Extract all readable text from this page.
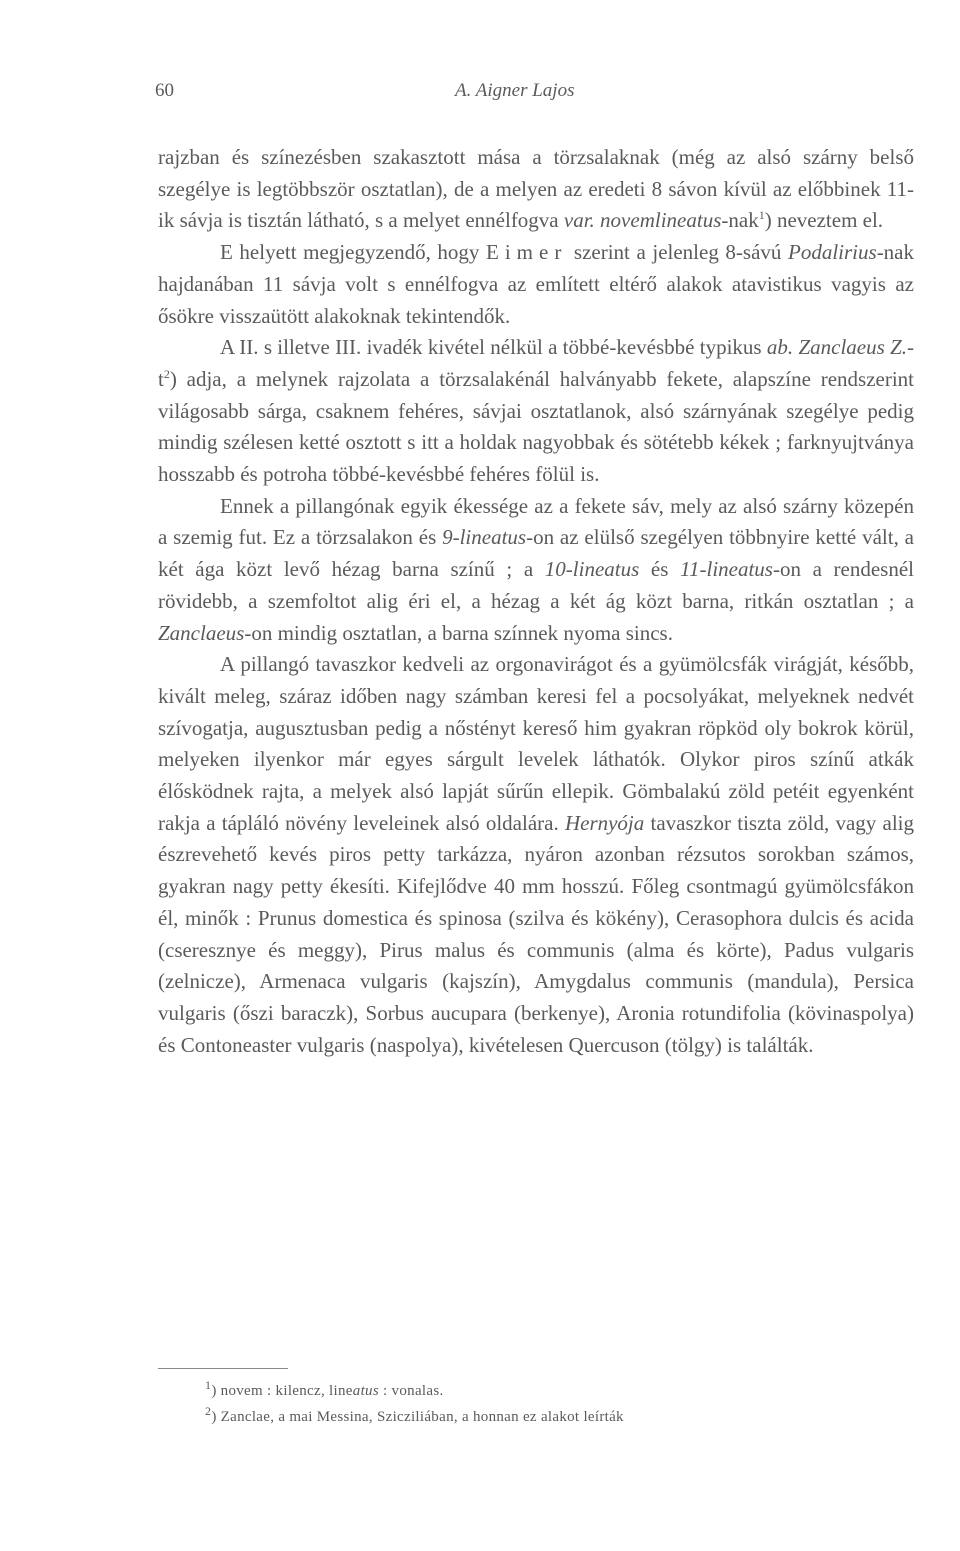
60	A. Aigner Lajos

rajzban és színezésben szakasztott mása a törzsalaknak (még az alsó szárny belső szegélye is legtöbbször osztatlan), de a melyen az eredeti 8 sávon kívül az előbbinek 11-ik sávja is tisztán látható, s a melyet ennélfogva var. novemlineatus-nak$^1$) neveztem el.

E helyett megjegyzendő, hogy Eimer szerint a jelenleg 8-sávú Podalirius-nak hajdanában 11 sávja volt s ennélfogva az említett eltérő alakok atavistikus vagyis az ősökre visszaütött alakoknak tekintendők.

A II. s illetve III. ivadék kivétel nélkül a többé-kevésbbé typikus ab. Zanclaeus $Z.-t^2$) adja, a melynek rajzolata a törzsalakénál halványabb fekete, alapszíne rendszerint világosabb sárga, csaknem fehéres, sávjai osztatlanok, alsó szárnyának szegélye pedig mindig szélesen ketté osztott s itt a holdak nagyobbak és sötétebb kékek ; farknyujtványa hosszabb és potroha többé-kevésbbé fehéres fölül is.

Ennek a pillangónak egyik ékessége az a fekete sáv, mely az alsó szárny közepén a szemig fut. Ez a törzsalakon és 9-lineatus-on az elülső szegélyen többnyire ketté vált, a két ága közt levő hézag barna színű ; a 10-lineatus és 11-lineatus-on a rendesnél rövidebb, a szemfoltot alig éri el, a hézag a két ág közt barna, ritkán osztatlan ; a Zanclaeus-on mindig osztatlan, a barna színnek nyoma sincs.

A pillangó tavaszkor kedveli az orgonavirágot és a gyümölcsfák virágját, később, kivált meleg, száraz időben nagy számban keresi fel a pocsolyákat, melyeknek nedvét szívogatja, augusztusban pedig a nőstényt kereső him gyakran röpköd oly bokrok körül, melyeken ilyenkor már egyes sárgult levelek láthatók. Olykor piros színű atkák élősködnek rajta, a melyek alsó lapját sűrűn ellepik. Gömbalakú zöld petéit egyenként rakja a tápláló növény leveleinek alsó oldalára. Hernyója tavaszkor tiszta zöld, vagy alig észrevehető kevés piros petty tarkázza, nyáron azonban rézsutos sorokban számos, gyakran nagy petty ékesíti. Kifejlődve 40 mm hosszú. Főleg csontmagú gyümölcsfákon él, minők : Prunus domestica és spinosa (szilva és kökény), Cerasophora dulcis és acida (cseresznye és meggy), Pirus malus és communis (alma és körte), Padus vulgaris (zelnicze), Armenaca vulgaris (kajszín), Amygdalus communis (mandula), Persica vulgaris (őszi baraczk), Sorbus aucupara (berkenye), Aronia rotundifolia (kövinaspolya) és Contoneaster vulgaris (naspolya), kivételesen Quercuson (tölgy) is találták.

$^1$) novem : kilencz, lineatus : vonalas.

$^2$) Zanclae, a mai Messina, Szicziliában, a honnan ez alakot leírták
